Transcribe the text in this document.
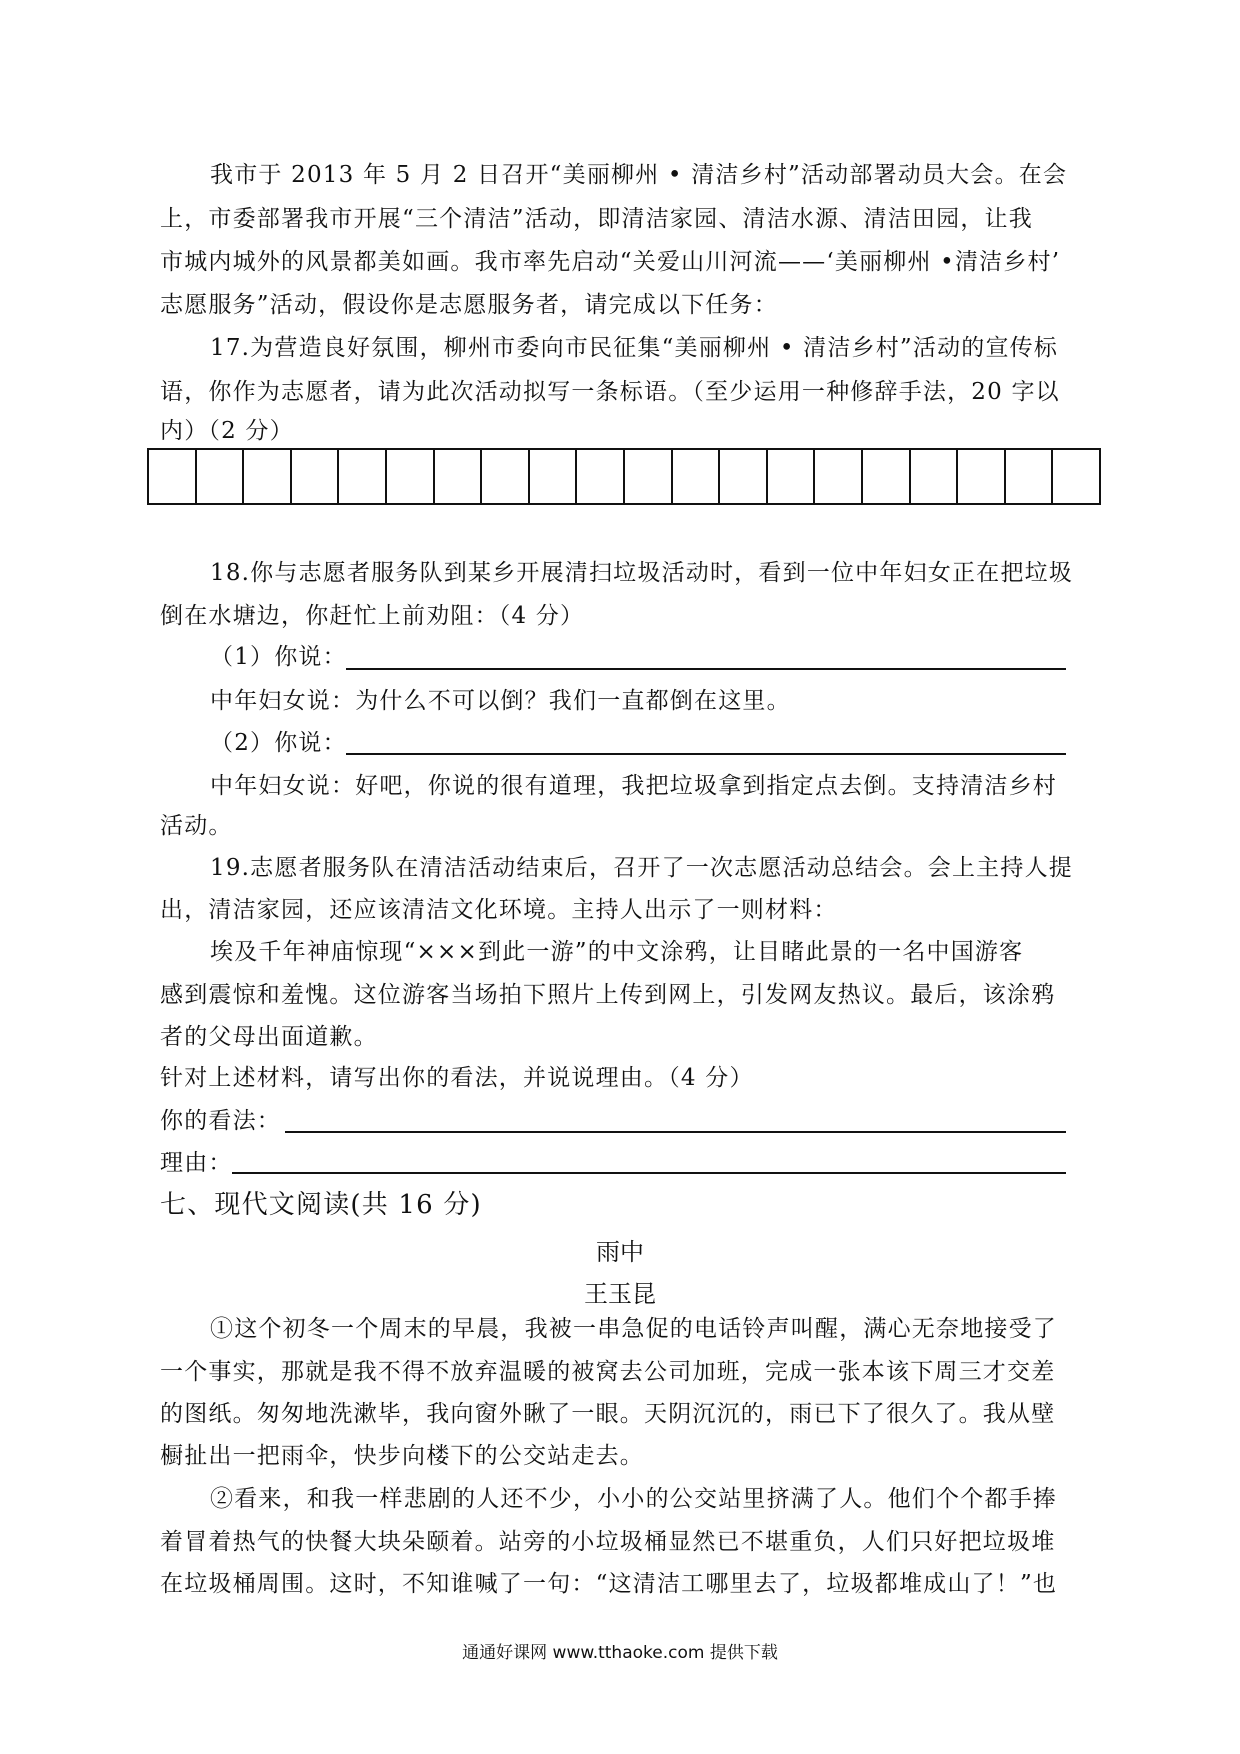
我市于 2013 年 5 月 2 日召开“美丽柳州 • 清洁乡村”活动部署动员大会。在会
上，市委部署我市开展“三个清洁”活动，即清洁家园、清洁水源、清洁田园，让我
市城内城外的风景都美如画。我市率先启动“关爱山川河流——‘美丽柳州 •清洁乡村’
志愿服务”活动，假设你是志愿服务者，请完成以下任务：
17.为营造良好氛围，柳州市委向市民征集“美丽柳州 • 清洁乡村”活动的宣传标
语，你作为志愿者，请为此次活动拟写一条标语。（至少运用一种修辞手法，20 字以
内）（2 分）
18.你与志愿者服务队到某乡开展清扫垃圾活动时，看到一位中年妇女正在把垃圾
倒在水塘边，你赶忙上前劝阻：（4 分）
（1）你说：
中年妇女说：为什么不可以倒？我们一直都倒在这里。
（2）你说：
中年妇女说：好吧，你说的很有道理，我把垃圾拿到指定点去倒。支持清洁乡村
活动。
19.志愿者服务队在清洁活动结束后，召开了一次志愿活动总结会。会上主持人提
出，清洁家园，还应该清洁文化环境。主持人出示了一则材料：
埃及千年神庙惊现“×××到此一游”的中文涂鸦，让目睹此景的一名中国游客
感到震惊和羞愧。这位游客当场拍下照片上传到网上，引发网友热议。最后，该涂鸦
者的父母出面道歉。
针对上述材料，请写出你的看法，并说说理由。（4 分）
你的看法：
理由：
七、现代文阅读(共 16 分)
雨中
王玉昆
①这个初冬一个周末的早晨，我被一串急促的电话铃声叫醒，满心无奈地接受了
一个事实，那就是我不得不放弃温暖的被窝去公司加班，完成一张本该下周三才交差
的图纸。匆匆地洗漱毕，我向窗外瞅了一眼。天阴沉沉的，雨已下了很久了。我从壁
橱扯出一把雨伞，快步向楼下的公交站走去。
②看来，和我一样悲剧的人还不少，小小的公交站里挤满了人。他们个个都手捧
着冒着热气的快餐大块朵颐着。站旁的小垃圾桶显然已不堪重负，人们只好把垃圾堆
在垃圾桶周围。这时，不知谁喊了一句：“这清洁工哪里去了，垃圾都堆成山了！”也
通通好课网 www.tthaoke.com 提供下载
